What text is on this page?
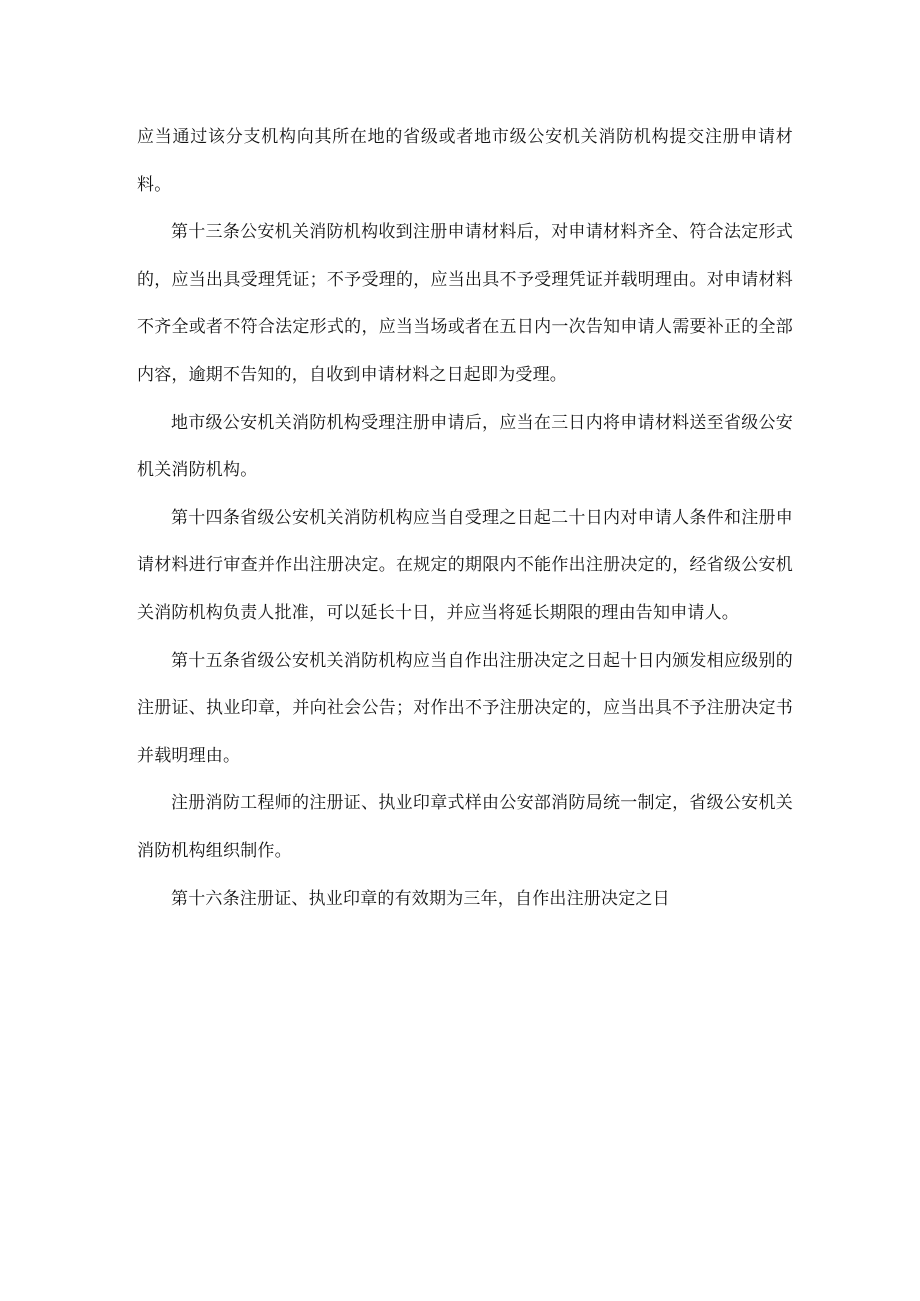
应当通过该分支机构向其所在地的省级或者地市级公安机关消防机构提交注册申请材料。

第十三条公安机关消防机构收到注册申请材料后，对申请材料齐全、符合法定形式的，应当出具受理凭证；不予受理的，应当出具不予受理凭证并载明理由。对申请材料不齐全或者不符合法定形式的，应当当场或者在五日内一次告知申请人需要补正的全部内容，逾期不告知的，自收到申请材料之日起即为受理。

地市级公安机关消防机构受理注册申请后，应当在三日内将申请材料送至省级公安机关消防机构。

第十四条省级公安机关消防机构应当自受理之日起二十日内对申请人条件和注册申请材料进行审查并作出注册决定。在规定的期限内不能作出注册决定的，经省级公安机关消防机构负责人批准，可以延长十日，并应当将延长期限的理由告知申请人。

第十五条省级公安机关消防机构应当自作出注册决定之日起十日内颁发相应级别的注册证、执业印章，并向社会公告；对作出不予注册决定的，应当出具不予注册决定书并载明理由。

注册消防工程师的注册证、执业印章式样由公安部消防局统一制定，省级公安机关消防机构组织制作。

第十六条注册证、执业印章的有效期为三年，自作出注册决定之日
